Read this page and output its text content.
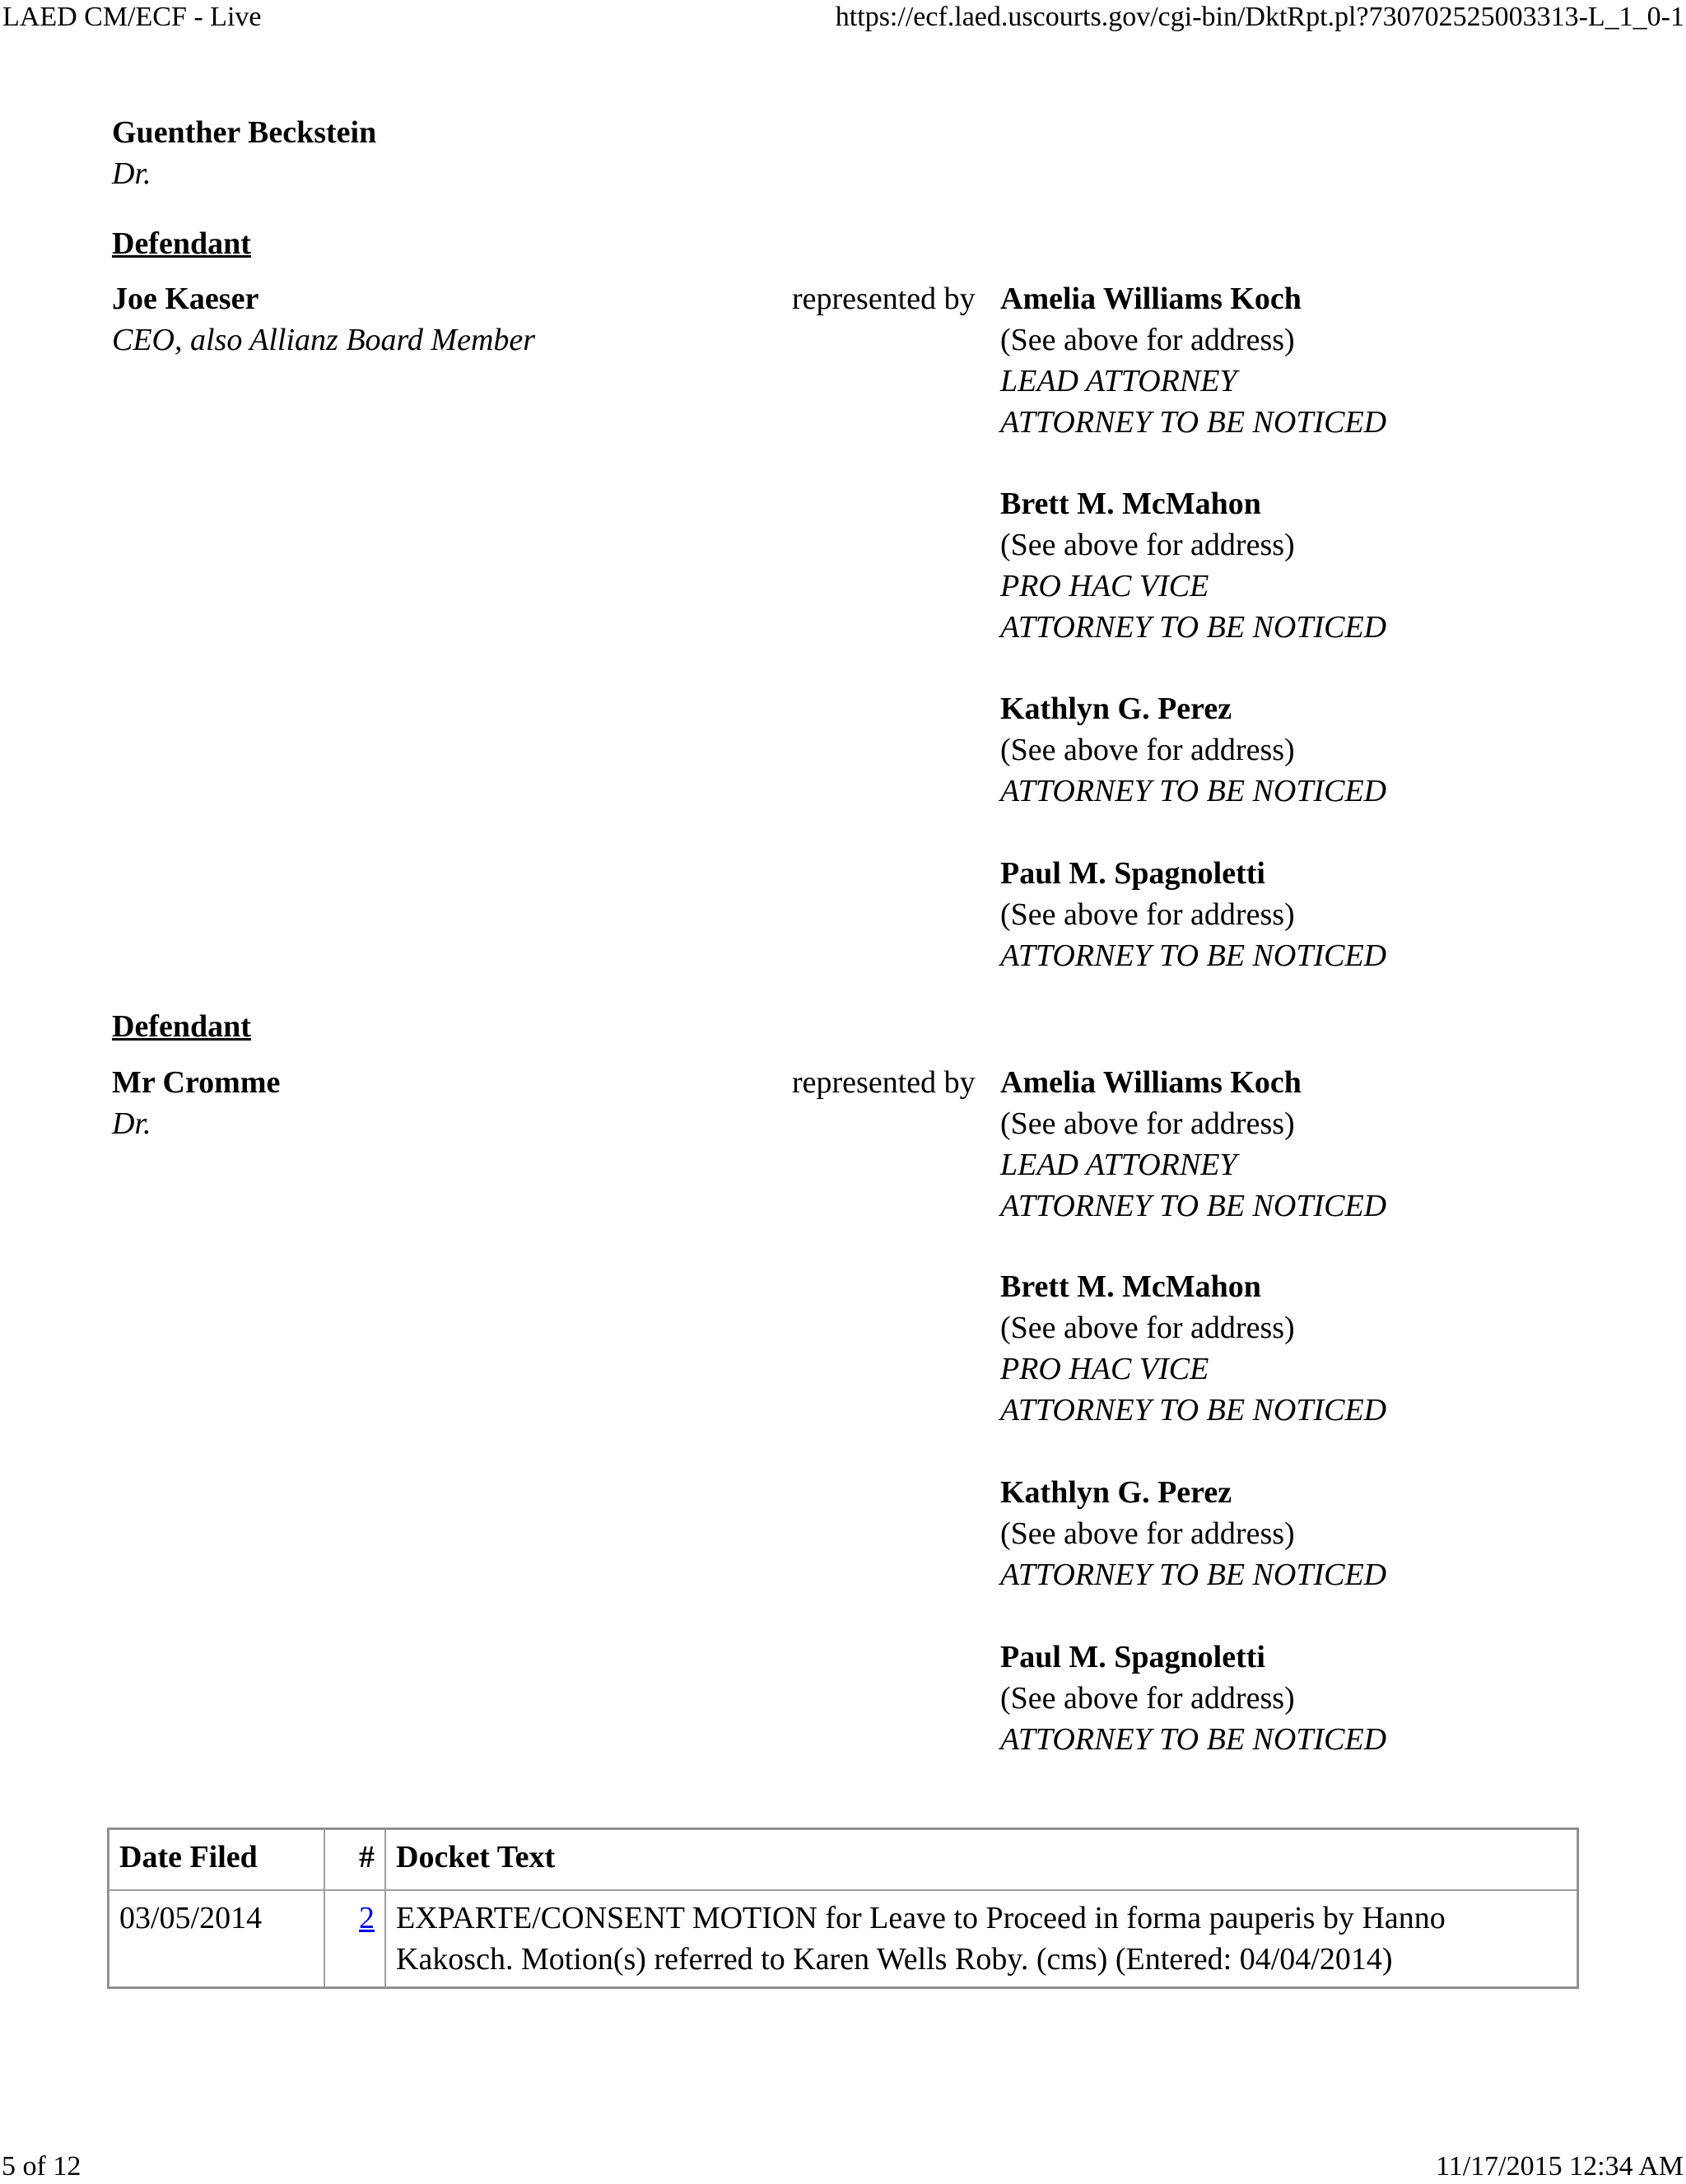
LAED CM/ECF - Live	https://ecf.laed.uscourts.gov/cgi-bin/DktRpt.pl?730702525003313-L_1_0-1
Guenther Beckstein
Dr.
Defendant
Joe Kaeser
CEO, also Allianz Board Member
represented by Amelia Williams Koch
(See above for address)
LEAD ATTORNEY
ATTORNEY TO BE NOTICED
Brett M. McMahon
(See above for address)
PRO HAC VICE
ATTORNEY TO BE NOTICED
Kathlyn G. Perez
(See above for address)
ATTORNEY TO BE NOTICED
Paul M. Spagnoletti
(See above for address)
ATTORNEY TO BE NOTICED
Defendant
Mr Cromme
Dr.
represented by Amelia Williams Koch
(See above for address)
LEAD ATTORNEY
ATTORNEY TO BE NOTICED
Brett M. McMahon
(See above for address)
PRO HAC VICE
ATTORNEY TO BE NOTICED
Kathlyn G. Perez
(See above for address)
ATTORNEY TO BE NOTICED
Paul M. Spagnoletti
(See above for address)
ATTORNEY TO BE NOTICED
Date Filed	#	Docket Text
03/05/2014	2	EXPARTE/CONSENT MOTION for Leave to Proceed in forma pauperis by Hanno
Kakosch. Motion(s) referred to Karen Wells Roby. (cms) (Entered: 04/04/2014)
5 of 12	11/17/2015 12:34 AM
